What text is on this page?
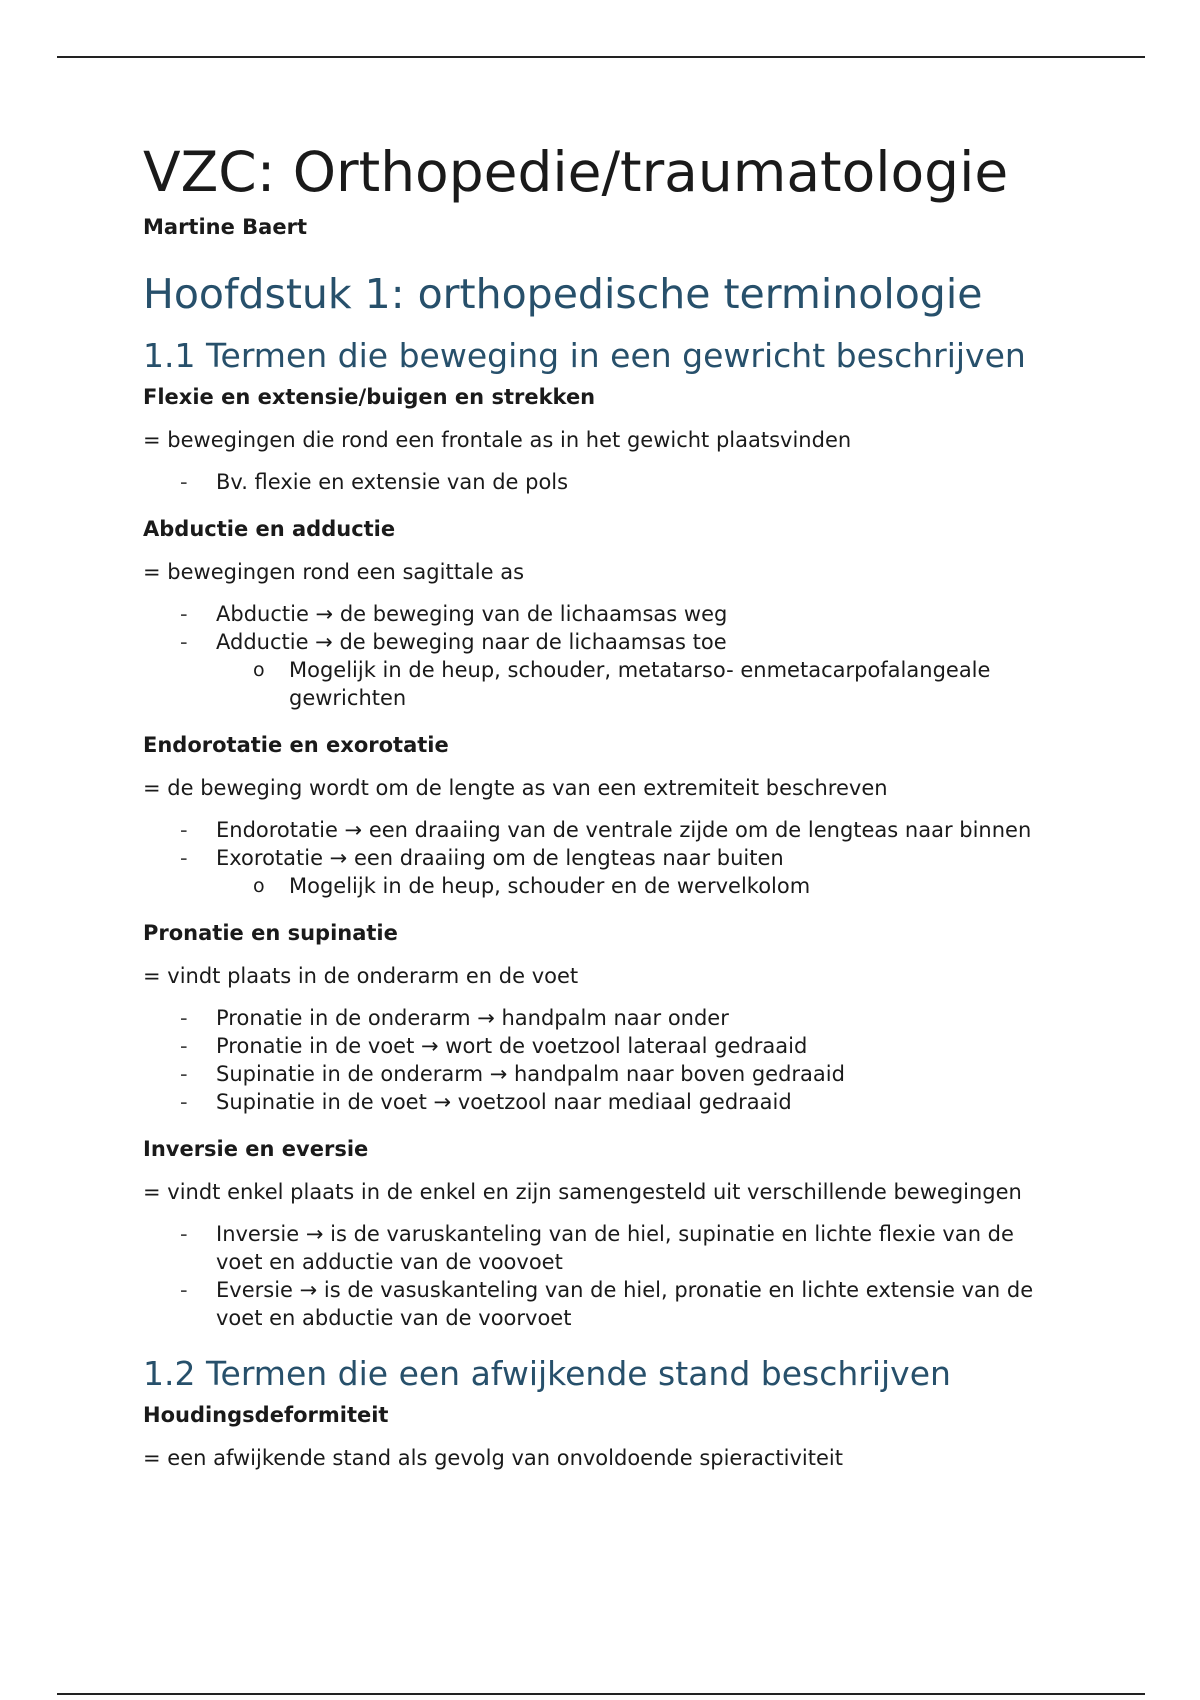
VZC: Orthopedie/traumatologie
Martine Baert
Hoofdstuk 1: orthopedische terminologie
1.1 Termen die beweging in een gewricht beschrijven
Flexie en extensie/buigen en strekken

= bewegingen die rond een frontale as in het gewicht plaatsvinden

- Bv. flexie en extensie van de pols
Abductie en adductie

= bewegingen rond een sagittale as

- Abductie → de beweging van de lichaamsas weg
- Adductie → de beweging naar de lichaamsas toe
o Mogelijk in de heup, schouder, metatarso- enmetacarpofalangeale gewrichten
Endorotatie en exorotatie

= de beweging wordt om de lengte as van een extremiteit beschreven

- Endorotatie → een draaiing van de ventrale zijde om de lengteas naar binnen
- Exorotatie → een draaiing om de lengteas naar buiten
o Mogelijk in de heup, schouder en de wervelkolom
Pronatie en supinatie

= vindt plaats in de onderarm en de voet

- Pronatie in de onderarm → handpalm naar onder
- Pronatie in de voet → wort de voetzool lateraal gedraaid
- Supinatie in de onderarm → handpalm naar boven gedraaid
- Supinatie in de voet → voetzool naar mediaal gedraaid
Inversie en eversie

= vindt enkel plaats in de enkel en zijn samengesteld uit verschillende bewegingen

- Inversie → is de varuskanteling van de hiel, supinatie en lichte flexie van de voet en adductie van de voovoet
- Eversie → is de vasuskanteling van de hiel, pronatie en lichte extensie van de voet en abductie van de voorvoet
1.2 Termen die een afwijkende stand beschrijven
Houdingsdeformiteit

= een afwijkende stand als gevolg van onvoldoende spieractiviteit
